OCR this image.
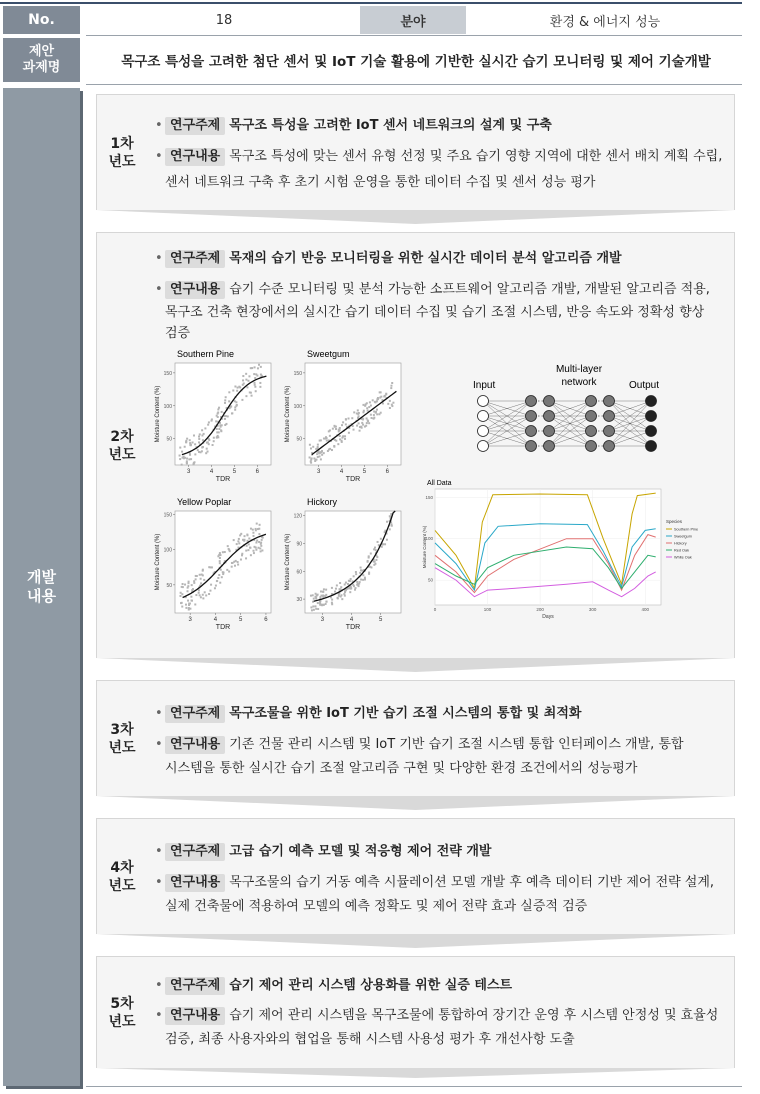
No.	18	분야	환경 & 에너지 성능
제안 과제명	목구조 특성을 고려한 첨단 센서 및 IoT 기술 활용에 기반한 실시간 습기 모니터링 및 제어 기술개발
개발 내용
1차 년도
• 연구주제 목구조 특성을 고려한 IoT 센서 네트워크의 설계 및 구축
• 연구내용 목구조 특성에 맞는 센서 유형 선정 및 주요 습기 영향 지역에 대한 센서 배치 계획 수립,
센서 네트워크 구축 후 초기 시험 운영을 통한 데이터 수집 및 센서 성능 평가
2차 년도
• 연구주제 목재의 습기 반응 모니터링을 위한 실시간 데이터 분석 알고리즘 개발
• 연구내용 습기 수준 모니터링 및 분석 가능한 소프트웨어 알고리즘 개발, 개발된 알고리즘 적용,
목구조 건축 현장에서의 실시간 습기 데이터 수집 및 습기 조절 시스템, 반응 속도와 정확성 향상
검증
Southern Pine
50
100
150
3	4	5	6
TDR
Moisture Content (%)
Sweetgum
50
100
150
3	4	5	6
TDR
Moisture Content (%)
Yellow Poplar
50
100
150
3	4	5	6
TDR
Moisture Content (%)
Hickory
30
60
90
120
3	4	5
TDR
Moisture Content (%)
Input
Multi-layer
network	Output
All Data
0	100	200	300	400
50
100
150
Days
Moisture Content (%)
Species
Southern Pine
Sweetgum
Hickory
Red Oak
White Oak
3차 년도
• 연구주제 목구조물을 위한 IoT 기반 습기 조절 시스템의 통합 및 최적화
• 연구내용 기존 건물 관리 시스템 및 IoT 기반 습기 조절 시스템 통합 인터페이스 개발, 통합
시스템을 통한 실시간 습기 조절 알고리즘 구현 및 다양한 환경 조건에서의 성능평가
4차 년도
• 연구주제 고급 습기 예측 모델 및 적응형 제어 전략 개발
• 연구내용 목구조물의 습기 거동 예측 시뮬레이션 모델 개발 후 예측 데이터 기반 제어 전략 설계,
실제 건축물에 적용하여 모델의 예측 정확도 및 제어 전략 효과 실증적 검증
5차 년도
• 연구주제 습기 제어 관리 시스템 상용화를 위한 실증 테스트
• 연구내용 습기 제어 관리 시스템을 목구조물에 통합하여 장기간 운영 후 시스템 안정성 및 효율성
검증, 최종 사용자와의 협업을 통해 시스템 사용성 평가 후 개선사항 도출
